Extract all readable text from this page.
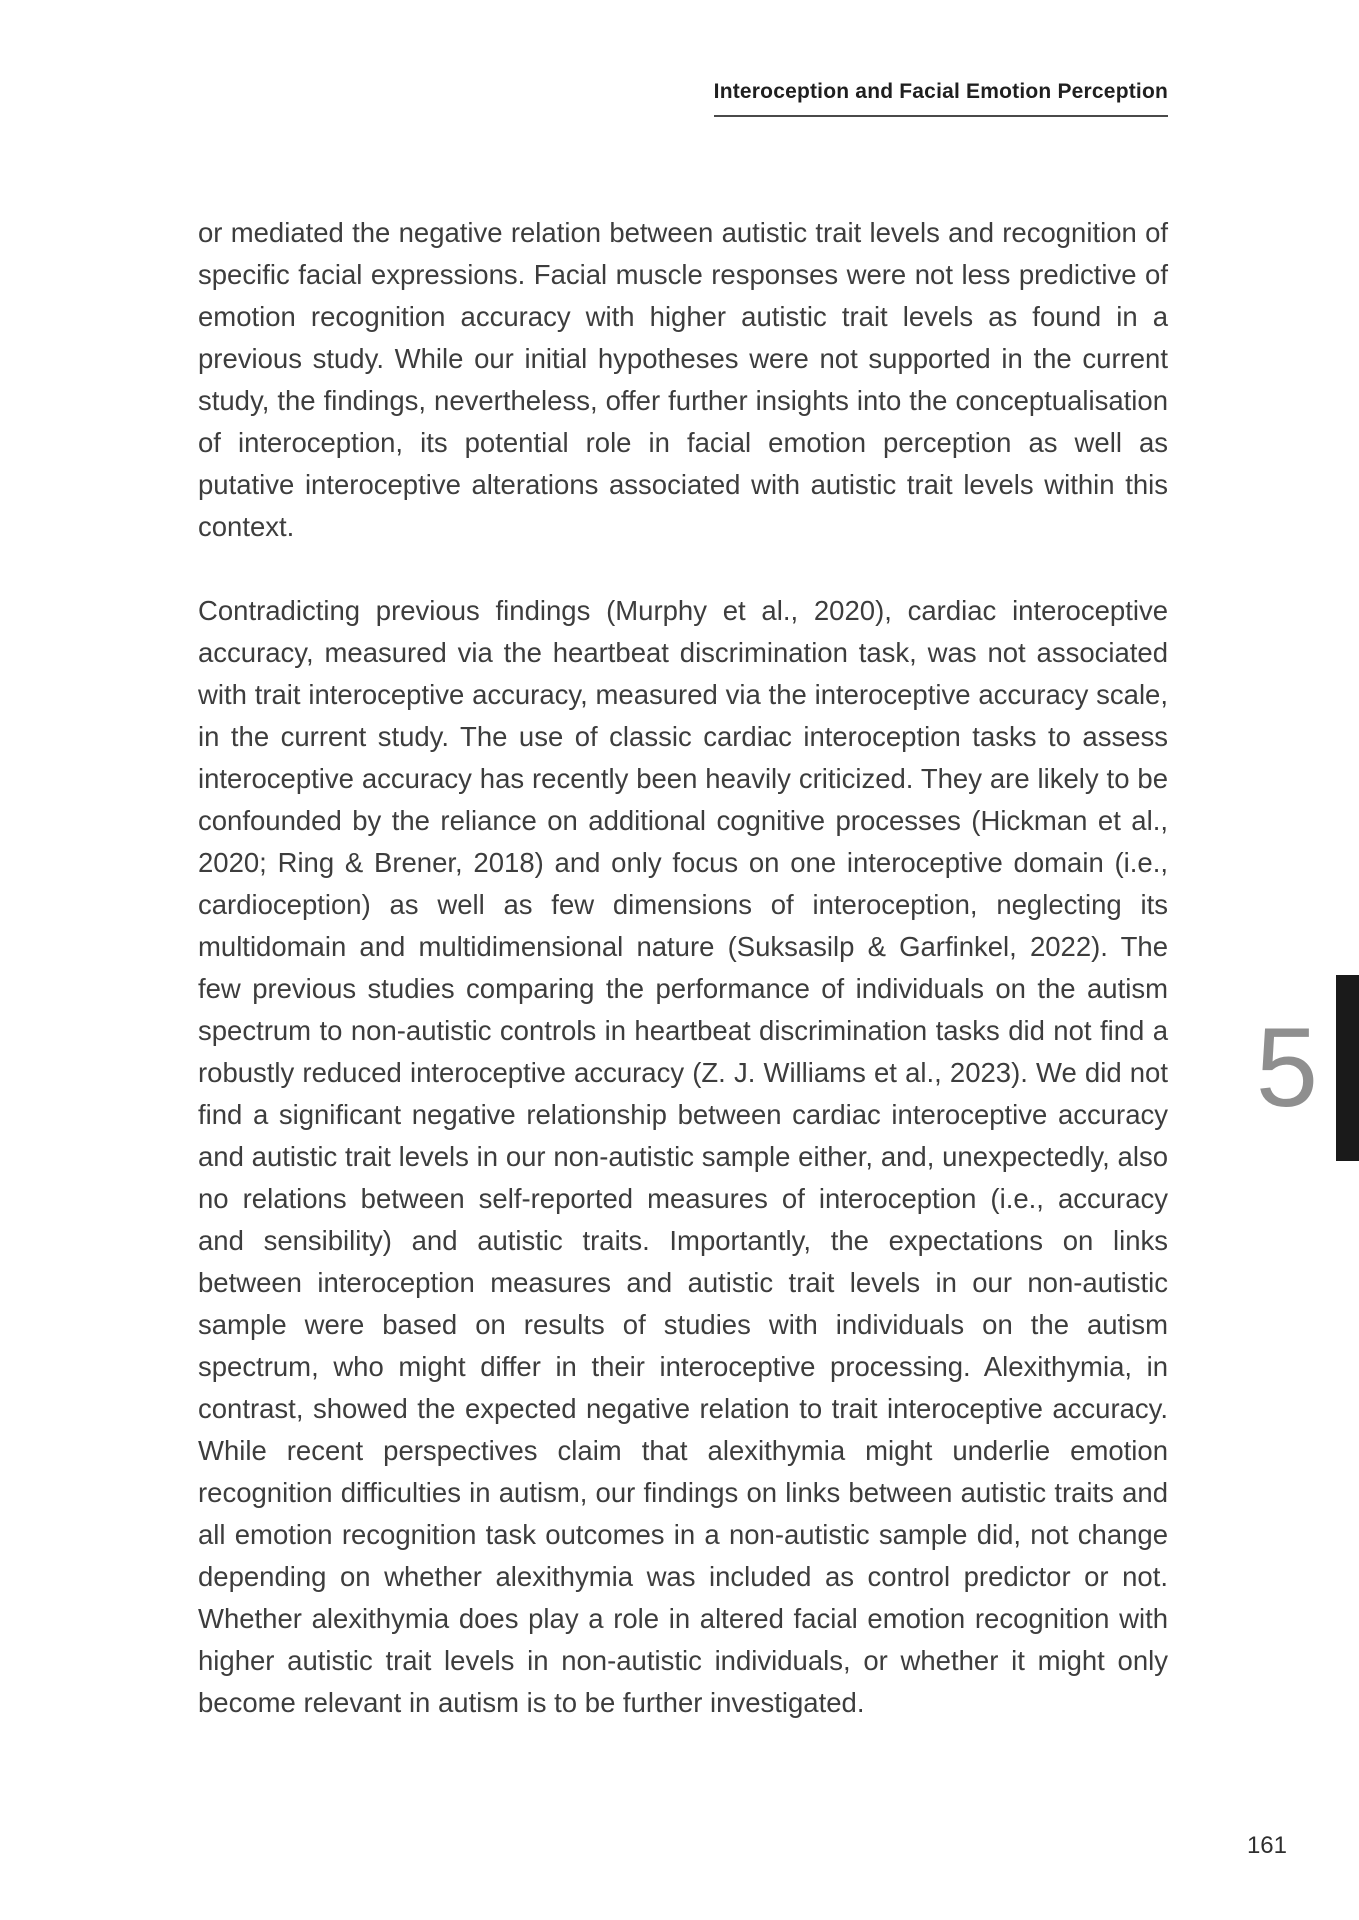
Interoception and Facial Emotion Perception

or mediated the negative relation between autistic trait levels and recognition of specific facial expressions. Facial muscle responses were not less predictive of emotion recognition accuracy with higher autistic trait levels as found in a previous study. While our initial hypotheses were not supported in the current study, the findings, nevertheless, offer further insights into the conceptualisation of interoception, its potential role in facial emotion perception as well as putative interoceptive alterations associated with autistic trait levels within this context.

Contradicting previous findings (Murphy et al., 2020), cardiac interoceptive accuracy, measured via the heartbeat discrimination task, was not associated with trait interoceptive accuracy, measured via the interoceptive accuracy scale, in the current study. The use of classic cardiac interoception tasks to assess interoceptive accuracy has recently been heavily criticized. They are likely to be confounded by the reliance on additional cognitive processes (Hickman et al., 2020; Ring & Brener, 2018) and only focus on one interoceptive domain (i.e., cardioception) as well as few dimensions of interoception, neglecting its multidomain and multidimensional nature (Suksasilp & Garfinkel, 2022). The few previous studies comparing the performance of individuals on the autism spectrum to non-autistic controls in heartbeat discrimination tasks did not find a robustly reduced interoceptive accuracy (Z. J. Williams et al., 2023). We did not find a significant negative relationship between cardiac interoceptive accuracy and autistic trait levels in our non-autistic sample either, and, unexpectedly, also no relations between self-reported measures of interoception (i.e., accuracy and sensibility) and autistic traits. Importantly, the expectations on links between interoception measures and autistic trait levels in our non-autistic sample were based on results of studies with individuals on the autism spectrum, who might differ in their interoceptive processing. Alexithymia, in contrast, showed the expected negative relation to trait interoceptive accuracy. While recent perspectives claim that alexithymia might underlie emotion recognition difficulties in autism, our findings on links between autistic traits and all emotion recognition task outcomes in a non-autistic sample did, not change depending on whether alexithymia was included as control predictor or not. Whether alexithymia does play a role in altered facial emotion recognition with higher autistic trait levels in non-autistic individuals, or whether it might only become relevant in autism is to be further investigated.

5
161
